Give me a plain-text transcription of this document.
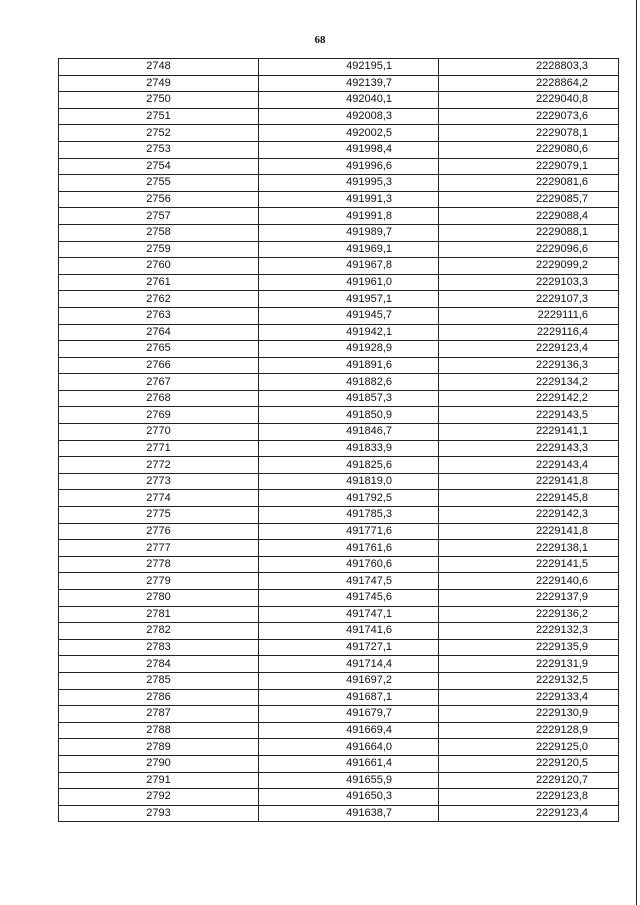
68
2748	492195,1	2228803,3
2749	492139,7	2228864,2
2750	492040,1	2229040,8
2751	492008,3	2229073,6
2752	492002,5	2229078,1
2753	491998,4	2229080,6
2754	491996,6	2229079,1
2755	491995,3	2229081,6
2756	491991,3	2229085,7
2757	491991,8	2229088,4
2758	491989,7	2229088,1
2759	491969,1	2229096,6
2760	491967,8	2229099,2
2761	491961,0	2229103,3
2762	491957,1	2229107,3
2763	491945,7	2229111,6
2764	491942,1	2229116,4
2765	491928,9	2229123,4
2766	491891,6	2229136,3
2767	491882,6	2229134,2
2768	491857,3	2229142,2
2769	491850,9	2229143,5
2770	491846,7	2229141,1
2771	491833,9	2229143,3
2772	491825,6	2229143,4
2773	491819,0	2229141,8
2774	491792,5	2229145,8
2775	491785,3	2229142,3
2776	491771,6	2229141,8
2777	491761,6	2229138,1
2778	491760,6	2229141,5
2779	491747,5	2229140,6
2780	491745,6	2229137,9
2781	491747,1	2229136,2
2782	491741,6	2229132,3
2783	491727,1	2229135,9
2784	491714,4	2229131,9
2785	491697,2	2229132,5
2786	491687,1	2229133,4
2787	491679,7	2229130,9
2788	491669,4	2229128,9
2789	491664,0	2229125,0
2790	491661,4	2229120,5
2791	491655,9	2229120,7
2792	491650,3	2229123,8
2793	491638,7	2229123,4
